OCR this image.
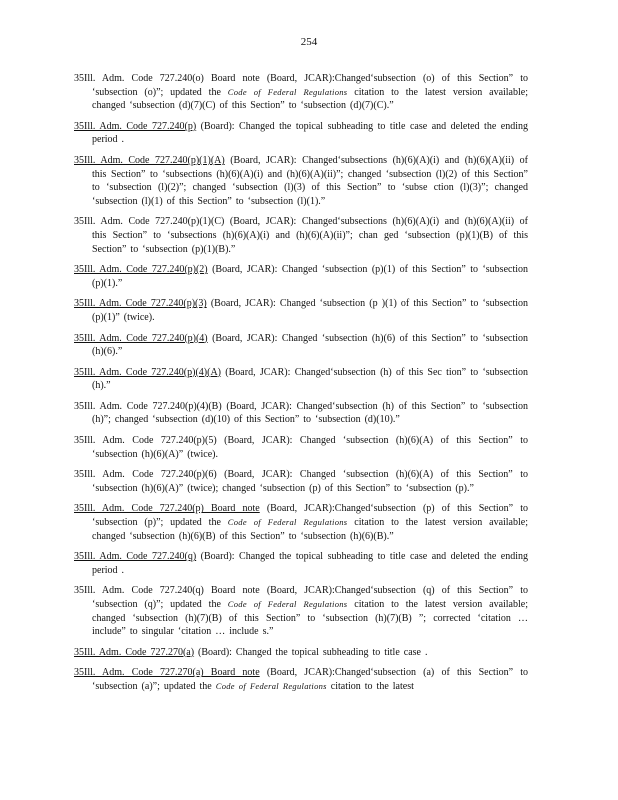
254

35Ill. Adm. Code 727.240(o) Board note (Board, JCAR):Changed‘subsection (o) of this Section” to ‘subsection (o)”; updated the Code of Federal Regulations citation to the latest version available; changed ‘subsection (d)(7)(C) of this Section” to ‘subsection (d)(7)(C).”

35Ill. Adm. Code 727.240(p) (Board): Changed the topical subheading to title case and deleted the ending period .

35Ill. Adm. Code 727.240(p)(1)(A) (Board, JCAR): Changed‘subsections (h)(6)(A)(i) and (h)(6)(A)(ii) of this Section” to ‘subsections (h)(6)(A)(i) and (h)(6)(A)(ii)”; changed ‘subsection (l)(2) of this Section” to ‘subsection (l)(2)”; changed ‘subsection (l)(3) of this Section” to ‘subse ction (l)(3)”; changed ‘subsection (l)(1) of this Section” to ‘subsection (l)(1).”

35Ill. Adm. Code 727.240(p)(1)(C) (Board, JCAR): Changed‘subsections (h)(6)(A)(i) and (h)(6)(A)(ii) of this Section” to ‘subsections (h)(6)(A)(i) and (h)(6)(A)(ii)”; chan ged ‘subsection (p)(1)(B) of this Section” to ‘subsection (p)(1)(B).”

35Ill. Adm. Code 727.240(p)(2) (Board, JCAR): Changed ‘subsection (p)(1) of this Section” to ‘subsection (p)(1).”

35Ill. Adm. Code 727.240(p)(3) (Board, JCAR): Changed ‘subsection (p )(1) of this Section” to ‘subsection (p)(1)” (twice).

35Ill. Adm. Code 727.240(p)(4) (Board, JCAR): Changed ‘subsection (h)(6) of this Section” to ‘subsection (h)(6).”

35Ill. Adm. Code 727.240(p)(4)(A) (Board, JCAR): Changed‘subsection (h) of this Sec tion” to ‘subsection (h).”

35Ill. Adm. Code 727.240(p)(4)(B) (Board, JCAR): Changed‘subsection (h) of this Section” to ‘subsection (h)”; changed ‘subsection (d)(10) of this Section” to ‘subsection (d)(10).”

35Ill. Adm. Code 727.240(p)(5) (Board, JCAR): Changed ‘subsection (h)(6)(A) of this Section” to ‘subsection (h)(6)(A)” (twice).

35Ill. Adm. Code 727.240(p)(6) (Board, JCAR): Changed ‘subsection (h)(6)(A) of this Section” to ‘subsection (h)(6)(A)” (twice); changed ‘subsection (p) of this Section” to ‘subsection (p).”

35Ill. Adm. Code 727.240(p) Board note (Board, JCAR):Changed‘subsection (p) of this Section” to ‘subsection (p)”; updated the Code of Federal Regulations citation to the latest version available; changed ‘subsection (h)(6)(B) of this Section” to ‘subsection (h)(6)(B).”

35Ill. Adm. Code 727.240(q) (Board): Changed the topical subheading to title case and deleted the ending period .

35Ill. Adm. Code 727.240(q) Board note (Board, JCAR):Changed‘subsection (q) of this Section” to ‘subsection (q)”; updated the Code of Federal Regulations citation to the latest version available; changed ‘subsection (h)(7)(B) of this Section” to ‘subsection (h)(7)(B) ”; corrected ‘citation … include” to singular ‘citation … include s.”

35Ill. Adm. Code 727.270(a) (Board): Changed the topical subheading to title case .

35Ill. Adm. Code 727.270(a) Board note (Board, JCAR):Changed‘subsection (a) of this Section” to ‘subsection (a)”; updated the Code of Federal Regulations citation to the latest
